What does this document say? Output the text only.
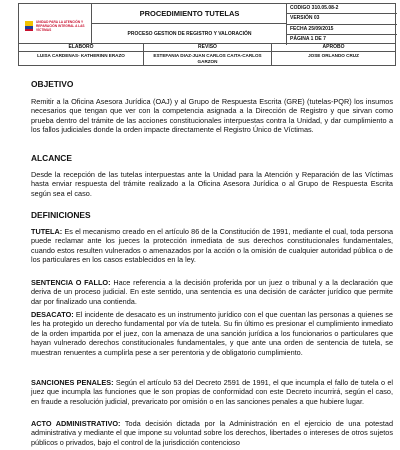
UNIDAD PARA LA ATENCIÓN Y REPARACIÓN INTEGRAL A LAS VÍCTIMAS
PROCEDIMIENTO TUTELAS
PROCESO GESTION DE REGISTRO Y VALORACIÓN
CODIGO 310.05.08-2
VERSIÓN 03
FECHA 25/09/2015
PÁGINA 1 DE 7
ELABORO
LUISA CARDENAS- KATHERINN ERAZO
REVISO
ESTEFANIA DIAZ-JUAN CARLOS CAITA-CARLOS GARZON
APROBO
JOSE ORLANDO CRUZ
OBJETIVO
Remitir a la Oficina Asesora Jurídica (OAJ) y al Grupo de Respuesta Escrita (GRE) (tutelas-PQR) los insumos necesarios que tengan que ver con la competencia asignada a la Dirección de Registro y que sirvan como prueba dentro del trámite de las acciones constitucionales interpuestas contra la Unidad, y dar cumplimiento a los fallos judiciales donde la orden impacte directamente el Registro Único de Víctimas.
ALCANCE
Desde la recepción de las tutelas interpuestas ante la Unidad para la Atención y Reparación de las Víctimas hasta enviar respuesta del trámite realizado a la Oficina Asesora Jurídica o al Grupo de Respuesta Escrita según sea el caso.
DEFINICIONES
TUTELA: Es el mecanismo creado en el artículo 86 de la Constitución de 1991, mediante el cual, toda persona puede reclamar ante los jueces la protección inmediata de sus derechos constitucionales fundamentales, cuando estos resulten vulnerados o amenazados por la acción o la omisión de cualquier autoridad pública o de los particulares en los casos establecidos en la ley.
SENTENCIA O FALLO: Hace referencia a la decisión proferida por un juez o tribunal y a la declaración que deriva de un proceso judicial. En este sentido, una sentencia es una decisión de carácter jurídico que permite dar por finalizado una contienda.
DESACATO: El incidente de desacato es un instrumento jurídico con el que cuentan las personas a quienes se les ha protegido un derecho fundamental por vía de tutela. Su fin último es presionar el cumplimiento inmediato de la orden impartida por el juez, con la amenaza de una sanción jurídica a los funcionarios o particulares que hayan vulnerado derechos constitucionales fundamentales, y que ante una orden de sentencia de tutela, se muestran renuentes a cumplirla pese a ser perentoria y de obligatorio cumplimiento.
SANCIONES PENALES: Según el artículo 53 del Decreto 2591 de 1991, el que incumpla el fallo de tutela o el juez que incumpla las funciones que le son propias de conformidad con este Decreto incurrirá, según el caso, en fraude a resolución judicial, prevaricato por omisión o en las sanciones penales a que hubiere lugar.
ACTO ADMINISTRATIVO: Toda decisión dictada por la Administración en el ejercicio de una potestad administrativa y mediante el que impone su voluntad sobre los derechos, libertades o intereses de otros sujetos públicos o privados, bajo el control de la jurisdicción contencioso
